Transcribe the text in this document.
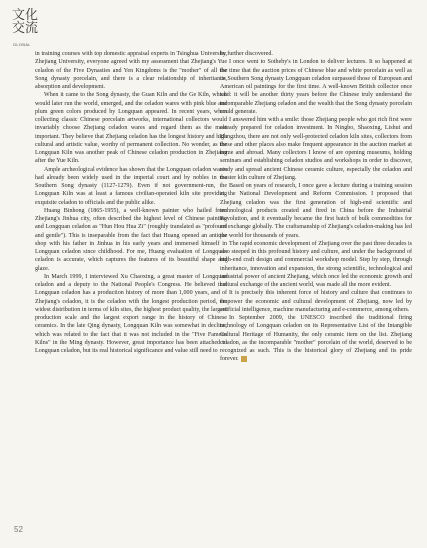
文化
交流
GLOBAL

in training courses with top domestic appraisal experts in Tsinghua University, Zhejiang University, everyone agreed with my assessment that Zhejiang's Yue celadon of the Five Dynasties and Yen Kingdoms is the "mother" of all the Song dynasty porcelain, and there is a clear relationship of inheritance, absorption and development.

When it came to the Song dynasty, the Guan Kiln and the Ge Kiln, which would later run the world, emerged, and the celadon wares with pink blue and plum green colors produced by Longquan appeared. In recent years, when collecting classic Chinese porcelain artworks, international collectors would invariably choose Zhejiang celadon wares and regard them as the most important. They believe that Zhejiang celadon has the longest history and high cultural and artistic value, worthy of permanent collection. No wonder, as the Longquan Kiln was another peak of Chinese celadon production in Zhejiang after the Yue Kiln.

Ample archeological evidence has shown that the Longquan celadon wares had already been widely used in the imperial court and by nobles in the Southern Song dynasty (1127-1279). Even if not government-run, the Longquan Kiln was at least a famous civilian-operated kiln site providing exquisite celadon to officials and the public alike.

Huang Binhong (1865-1955), a well-known painter who hailed from Zhejiang's Jinhua city, often described the highest level of Chinese painting and Longquan celadon as "Hun Hou Hua Zi" (roughly translated as "profound and gentle"). This is inseparable from the fact that Huang opened an antique shop with his father in Jinhua in his early years and immersed himself in Longquan celadon since childhood. For me, Huang evaluation of Longquan celadon is accurate, which captures the features of its beautiful shape and glaze.

In March 1999, I interviewed Xu Chaoxing, a great master of Longquan celadon and a deputy to the National People's Congress. He believed that Longquan celadon has a production history of more than 1,000 years, and of Zhejiang's celadon, it is the celadon with the longest production period, the widest distribution in terms of kiln sites, the highest product quality, the largest production scale and the largest export range in the history of Chinese ceramics. In the late Qing dynasty, Longquan Kiln was somewhat in decline, which was related to the fact that it was not included in the "Five Famous Kilns" in the Ming dynasty. However, great importance has been attached to Longquan celadon, but its real historical significance and value still need to

be further discovered.

I once went to Sotheby's in London to deliver lectures. It so happened at the time that the auction prices of Chinese blue and white porcelain as well as its Southern Song dynasty Longquan celadon surpassed those of European and American oil paintings for the first time. A well-known British collector once said: it will be another thirty years before the Chinese truly understand the incomparable Zhejiang celadon and the wealth that the Song dynasty porcelain could generate.

I answered him with a smile: those Zhejiang people who got rich first were already prepared for celadon investment. In Ningbo, Shaoxing, Lishui and Hangzhou, there are not only well-protected celadon kiln sites, collectors from these and other places also make frequent appearance in the auction market at home and abroad. Many collectors I know of are opening museums, holding seminars and establishing celadon studios and workshops in order to discover, study and spread ancient Chinese ceramic culture, especially the celadon and master kiln culture of Zhejiang.

Based on years of research, I once gave a lecture during a training session at the National Development and Reform Commission. I proposed that Zhejiang celadon was the first generation of high-end scientific and technological products created and fired in China before the Industrial Revolution, and it eventually became the first batch of bulk commodities for art exchange globally. The craftsmanship of Zhejiang's celadon-making has led the world for thousands of years.

The rapid economic development of Zhejiang over the past three decades is also steeped in this profound history and culture, and under the background of high-end craft design and commercial workshop model. Step by step, through inheritance, innovation and expansion, the strong scientific, technological and industrial power of ancient Zhejiang, which once led the economic growth and cultural exchange of the ancient world, was made all the more evident.

It is precisely this inherent force of history and culture that continues to empower the economic and cultural development of Zhejiang, now led by artificial intelligence, machine manufacturing and e-commerce, among others.

In September 2009, the UNESCO inscribed the traditional firing technology of Longquan celadon on its Representative List of the Intangible Cultural Heritage of Humanity, the only ceramic item on the list. Zhejiang celadon, as the incomparable "mother" porcelain of the world, deserved to be recognized as such. This is the historical glory of Zhejiang and its pride forever.

52
